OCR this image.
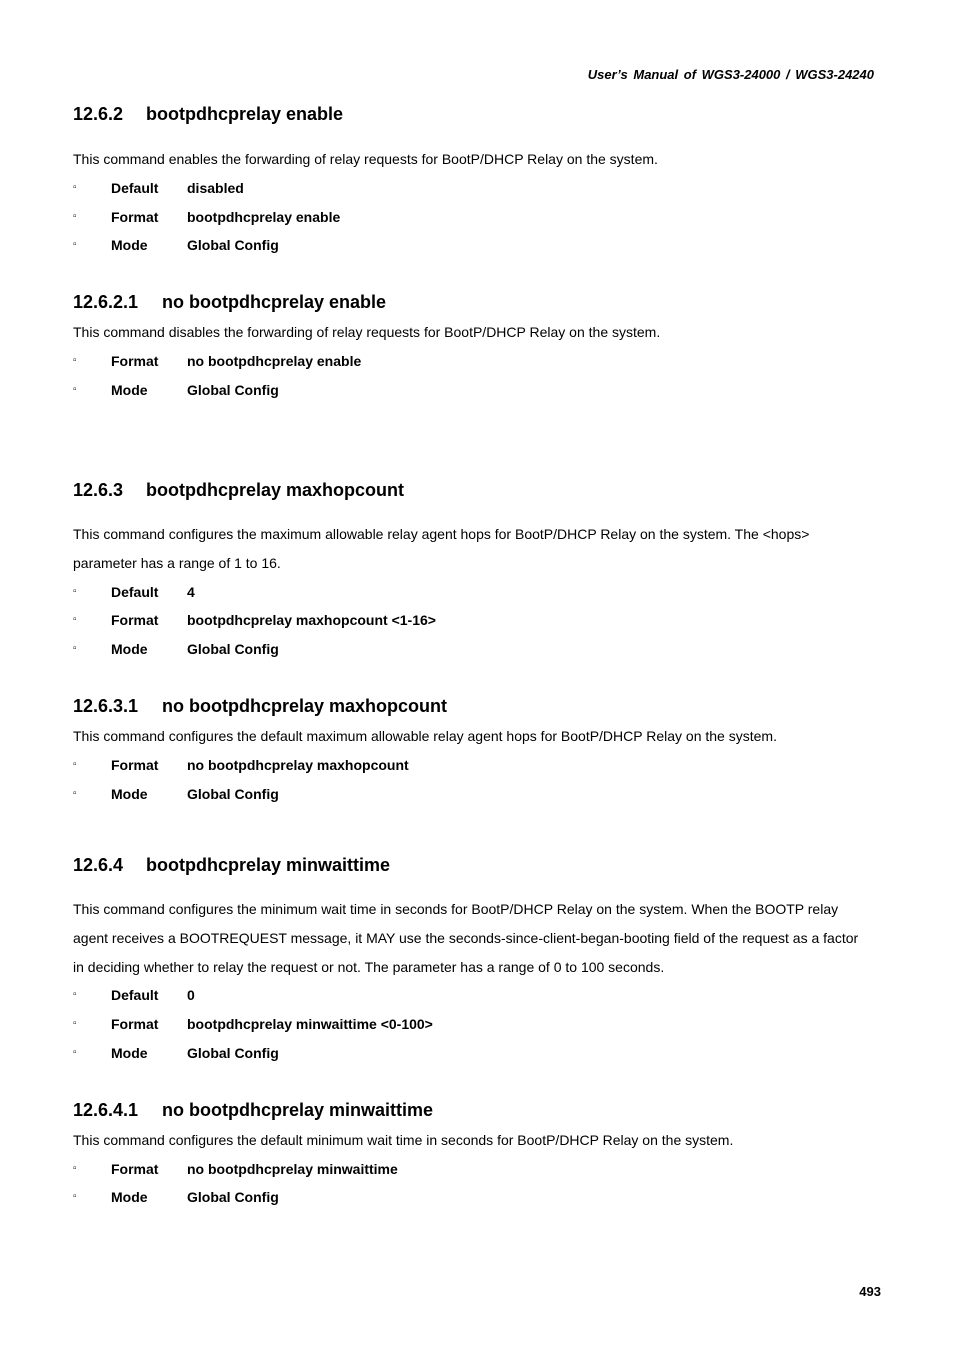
User’s Manual of WGS3-24000 / WGS3-24240
12.6.2 bootpdhcprelay enable
This command enables the forwarding of relay requests for BootP/DHCP Relay on the system.
▫ Default disabled
▫ Format bootpdhcprelay enable
▫ Mode	Global Config
12.6.2.1 no bootpdhcprelay enable
This command disables the forwarding of relay requests for BootP/DHCP Relay on the system.
▫ Format no bootpdhcprelay enable
▫ Mode	Global Config
12.6.3 bootpdhcprelay maxhopcount
This command configures the maximum allowable relay agent hops for BootP/DHCP Relay on the system. The <hops>
parameter has a range of 1 to 16.
▫ Default 4
▫ Format bootpdhcprelay maxhopcount <1-16>
▫ Mode	Global Config
12.6.3.1 no bootpdhcprelay maxhopcount
This command configures the default maximum allowable relay agent hops for BootP/DHCP Relay on the system.
▫ Format no bootpdhcprelay maxhopcount
▫ Mode	Global Config
12.6.4 bootpdhcprelay minwaittime
This command configures the minimum wait time in seconds for BootP/DHCP Relay on the system. When the BOOTP relay
agent receives a BOOTREQUEST message, it MAY use the seconds-since-client-began-booting field of the request as a factor
in deciding whether to relay the request or not. The parameter has a range of 0 to 100 seconds.
▫ Default 0
▫ Format bootpdhcprelay minwaittime <0-100>
▫ Mode	Global Config
12.6.4.1 no bootpdhcprelay minwaittime
This command configures the default minimum wait time in seconds for BootP/DHCP Relay on the system.
▫ Format no bootpdhcprelay minwaittime
▫ Mode	Global Config
493
